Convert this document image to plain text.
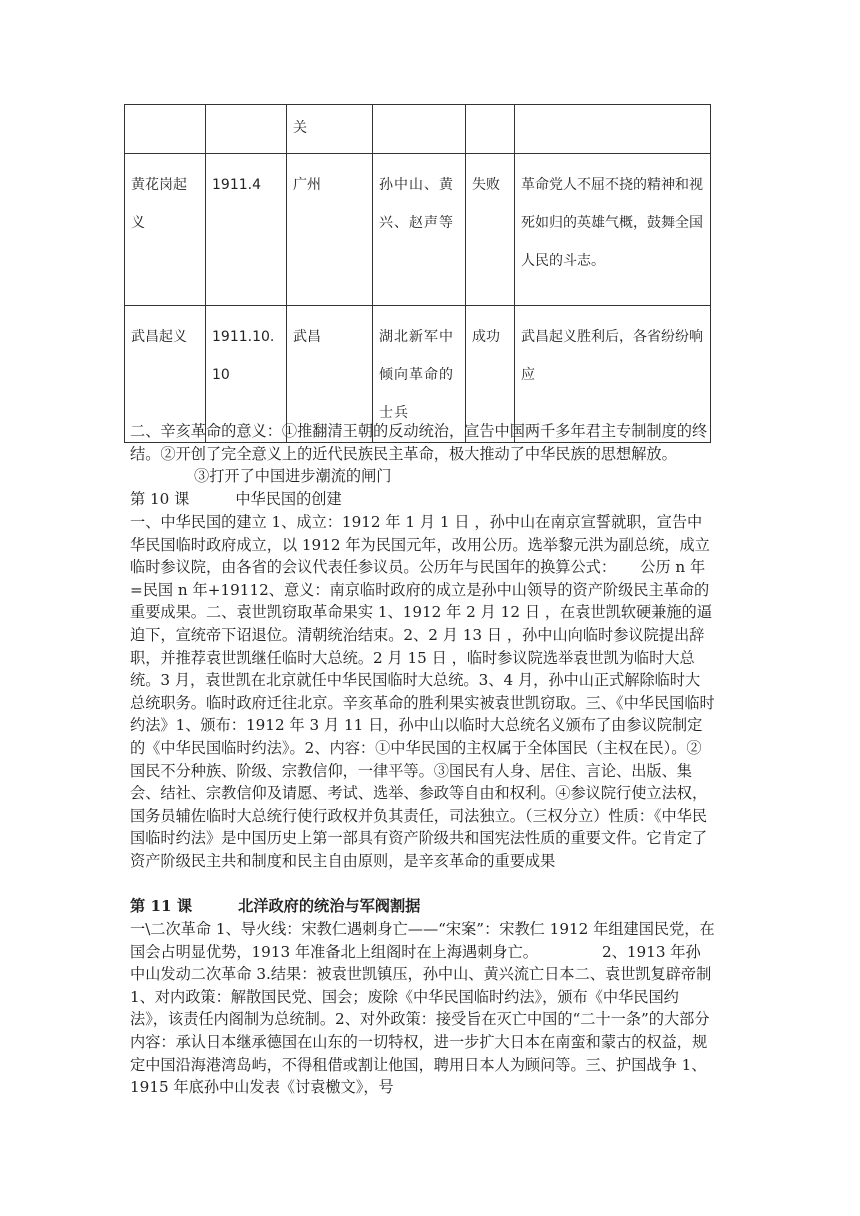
		关			
黄花岗起义	1911.4	广州	孙中山、黄兴、赵声等	失败	革命党人不屈不挠的精神和视死如归的英雄气概，鼓舞全国人民的斗志。
武昌起义	1911.10.10	武昌	湖北新军中倾向革命的士兵	成功	武昌起义胜利后，各省纷纷响应

二、辛亥革命的意义：①推翻清王朝的反动统治，宣告中国两千多年君主专制制度的终结。②开创了完全意义上的近代民族民主革命，极大推动了中华民族的思想解放。③打开了中国进步潮流的闸门

第 10 课	中华民国的创建

一、中华民国的建立 1、成立：1912 年 1 月 1 日 ，孙中山在南京宣誓就职，宣告中华民国临时政府成立，以 1912 年为民国元年，改用公历。选举黎元洪为副总统，成立临时参议院，由各省的会议代表任参议员。公历年与民国年的换算公式： 公历 n 年=民国 n 年+19112、意义：南京临时政府的成立是孙中山领导的资产阶级民主革命的重要成果。二、袁世凯窃取革命果实 1、1912 年 2 月 12 日 ，在袁世凯软硬兼施的逼迫下，宣统帝下诏退位。清朝统治结束。2、2 月 13 日 ，孙中山向临时参议院提出辞职，并推荐袁世凯继任临时大总统。2 月 15 日 ，临时参议院选举袁世凯为临时大总统。3 月，袁世凯在北京就任中华民国临时大总统。3、4 月，孙中山正式解除临时大总统职务。临时政府迁往北京。辛亥革命的胜利果实被袁世凯窃取。三、《中华民国临时约法》1、颁布：1912 年 3 月 11 日，孙中山以临时大总统名义颁布了由参议院制定的《中华民国临时约法》。2、内容：①中华民国的主权属于全体国民（主权在民）。②国民不分种族、阶级、宗教信仰，一律平等。③国民有人身、居住、言论、出版、集会、结社、宗教信仰及请愿、考试、选举、参政等自由和权利。④参议院行使立法权，国务员辅佐临时大总统行使行政权并负其责任，司法独立。（三权分立）性质：《中华民国临时约法》是中国历史上第一部具有资产阶级共和国宪法性质的重要文件。它肯定了资产阶级民主共和制度和民主自由原则，是辛亥革命的重要成果

第 11 课	北洋政府的统治与军阀割据

一\二次革命 1、导火线：宋教仁遇刺身亡——“宋案”：宋教仁 1912 年组建国民党，在国会占明显优势，1913 年准备北上组阁时在上海遇刺身亡。	2、1913 年孙中山发动二次革命 3.结果：被袁世凯镇压，孙中山、黄兴流亡日本二、袁世凯复辟帝制 1、对内政策：解散国民党、国会；废除《中华民国临时约法》，颁布《中华民国约法》，该责任内阁制为总统制。2、对外政策：接受旨在灭亡中国的“二十一条”的大部分内容：承认日本继承德国在山东的一切特权，进一步扩大日本在南蛮和蒙古的权益，规定中国沿海港湾岛屿，不得租借或割让他国，聘用日本人为顾问等。三、护国战争 1、1915 年底孙中山发表《讨袁檄文》，号
